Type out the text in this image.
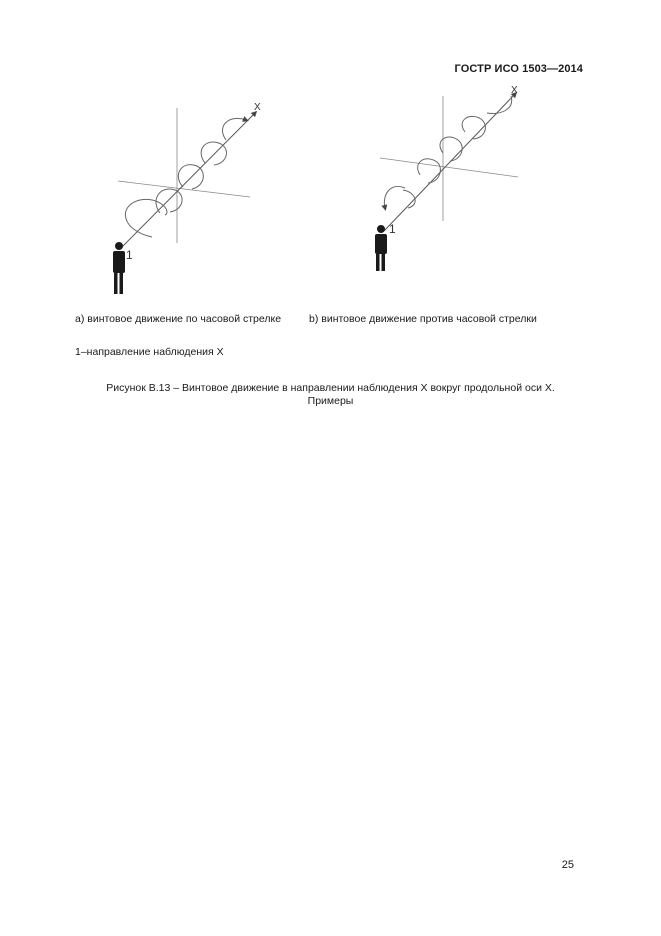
ГОСТР ИСО 1503—2014
X
1
X
1
а) винтовое движение по часовой стрелке	b) винтовое движение против часовой стрелки
1–направление наблюдения X
Рисунок В.13 – Винтовое движение в направлении наблюдения X вокруг продольной оси X.
Примеры
25
